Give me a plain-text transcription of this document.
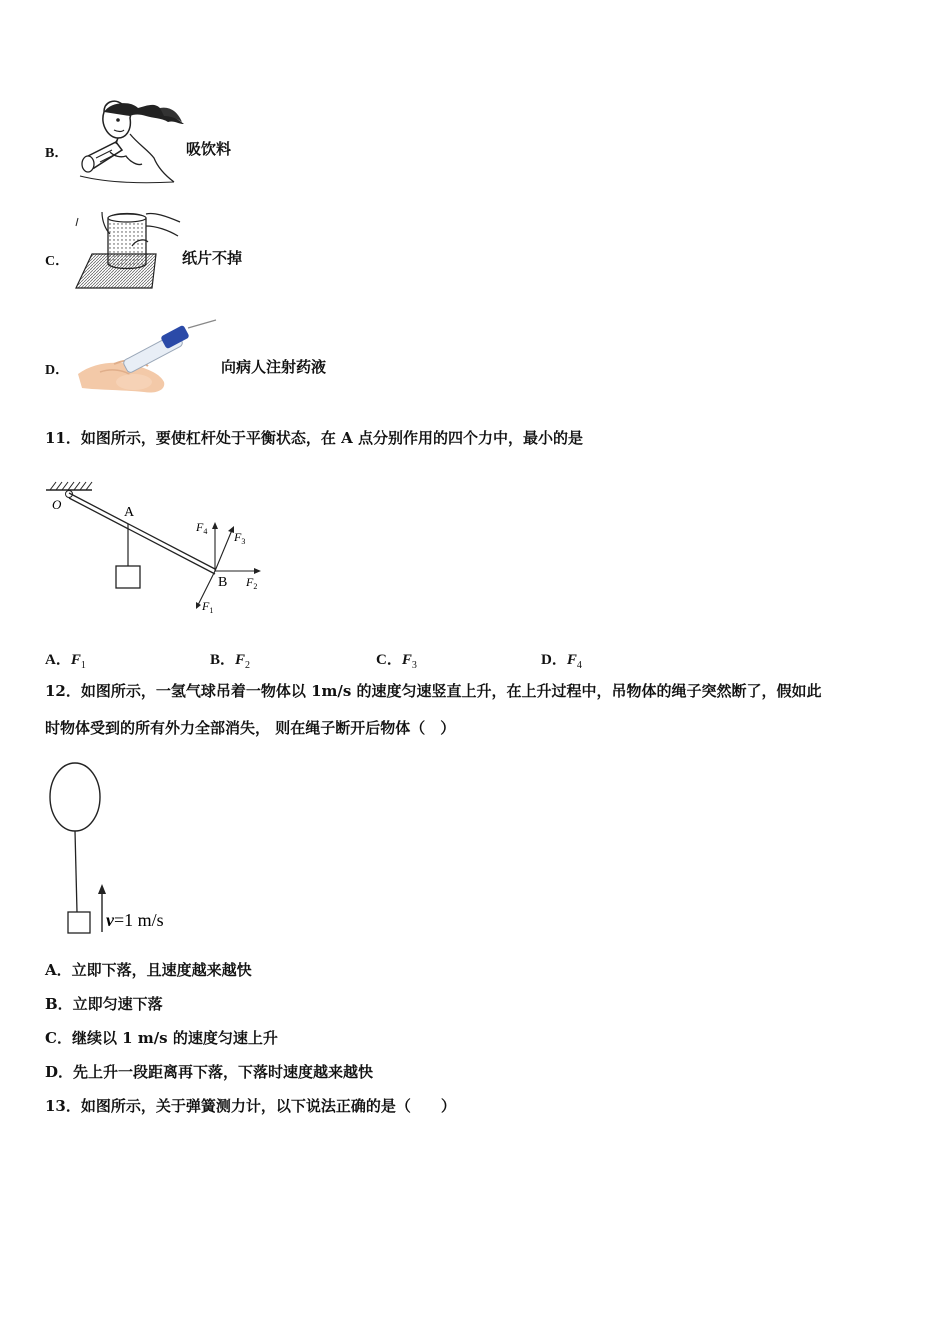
B．	吸饮料
C．	纸片不掉
D．	向病人注射药液
11．如图所示，要使杠杆处于平衡状态，在 A 点分别作用的四个力中，最小的是
O
A
B
$F_4$ $F_3$
$F_2$
$F_1$
A．$F_1$	B．$F_2$	C．$F_3$	D．$F_4$
12．如图所示，一氢气球吊着一物体以 1m/s 的速度匀速竖直上升，在上升过程中，吊物体的绳子突然断了，假如此
时物体受到的所有外力全部消失， 则在绳子断开后物体（　）
v=1 m/s
A．立即下落，且速度越来越快
B．立即匀速下落
C．继续以 1 m/s 的速度匀速上升
D．先上升一段距离再下落，下落时速度越来越快
13．如图所示，关于弹簧测力计，以下说法正确的是（　　）
